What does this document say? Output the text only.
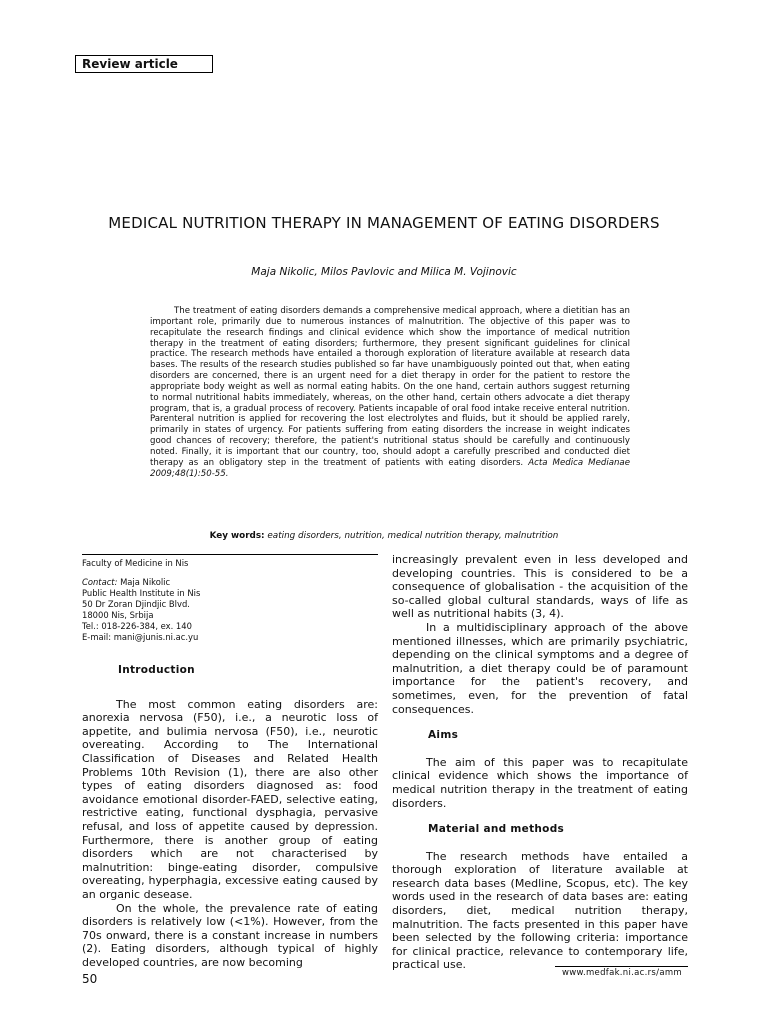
Review article
MEDICAL NUTRITION THERAPY IN MANAGEMENT OF EATING DISORDERS
Maja Nikolic, Milos Pavlovic and Milica M. Vojinovic

The treatment of eating disorders demands a comprehensive medical approach, where a dietitian has an important role, primarily due to numerous instances of malnutrition. The objective of this paper was to recapitulate the research findings and clinical evidence which show the importance of medical nutrition therapy in the treatment of eating disorders; furthermore, they present significant guidelines for clinical practice. The research methods have entailed a thorough exploration of literature available at research data bases. The results of the research studies published so far have unambiguously pointed out that, when eating disorders are concerned, there is an urgent need for a diet therapy in order for the patient to restore the appropriate body weight as well as normal eating habits. On the one hand, certain authors suggest returning to normal nutritional habits immediately, whereas, on the other hand, certain others advocate a diet therapy program, that is, a gradual process of recovery. Patients incapable of oral food intake receive enteral nutrition. Parenteral nutrition is applied for recovering the lost electrolytes and fluids, but it should be applied rarely, primarily in states of urgency. For patients suffering from eating disorders the increase in weight indicates good chances of recovery; therefore, the patient's nutritional status should be carefully and continuously noted. Finally, it is important that our country, too, should adopt a carefully prescribed and conducted diet therapy as an obligatory step in the treatment of patients with eating disorders. Acta Medica Medianae 2009;48(1):50-55.

Key words: eating disorders, nutrition, medical nutrition therapy, malnutrition
Faculty of Medicine in Nis
Contact: Maja Nikolic
Public Health Institute in Nis
50 Dr Zoran Djindjic Blvd.
18000 Nis, Srbija
Tel.: 018-226-384, ex. 140
E-mail: mani@junis.ni.ac.yu
Introduction

The most common eating disorders are: anorexia nervosa (F50), i.e., a neurotic loss of appetite, and bulimia nervosa (F50), i.e., neurotic overeating. According to The International Classification of Diseases and Related Health Problems 10th Revision (1), there are also other types of eating disorders diagnosed as: food avoidance emotional disorder-FAED, selective eating, restrictive eating, functional dysphagia, pervasive refusal, and loss of appetite caused by depression. Furthermore, there is another group of eating disorders which are not characterised by malnutrition: binge-eating disorder, compulsive overeating, hyperphagia, excessive eating caused by an organic desease.

On the whole, the prevalence rate of eating disorders is relatively low (<1%). However, from the 70s onward, there is a constant increase in numbers (2). Eating disorders, although typical of highly developed countries, are now becoming

increasingly prevalent even in less developed and developing countries. This is considered to be a consequence of globalisation - the acquisition of the so-called global cultural standards, ways of life as well as nutritional habits (3, 4).

In a multidisciplinary approach of the above mentioned illnesses, which are primarily psychiatric, depending on the clinical symptoms and a degree of malnutrition, a diet therapy could be of paramount importance for the patient's recovery, and sometimes, even, for the prevention of fatal consequences.

Aims

The aim of this paper was to recapitulate clinical evidence which shows the importance of medical nutrition therapy in the treatment of eating disorders.

Material and methods

The research methods have entailed a thorough exploration of literature available at research data bases (Medline, Scopus, etc). The key words used in the research of data bases are: eating disorders, diet, medical nutrition therapy, malnutrition. The facts presented in this paper have been selected by the following criteria: importance for clinical practice, relevance to contemporary life, practical use.

50	www.medfak.ni.ac.rs/amm
